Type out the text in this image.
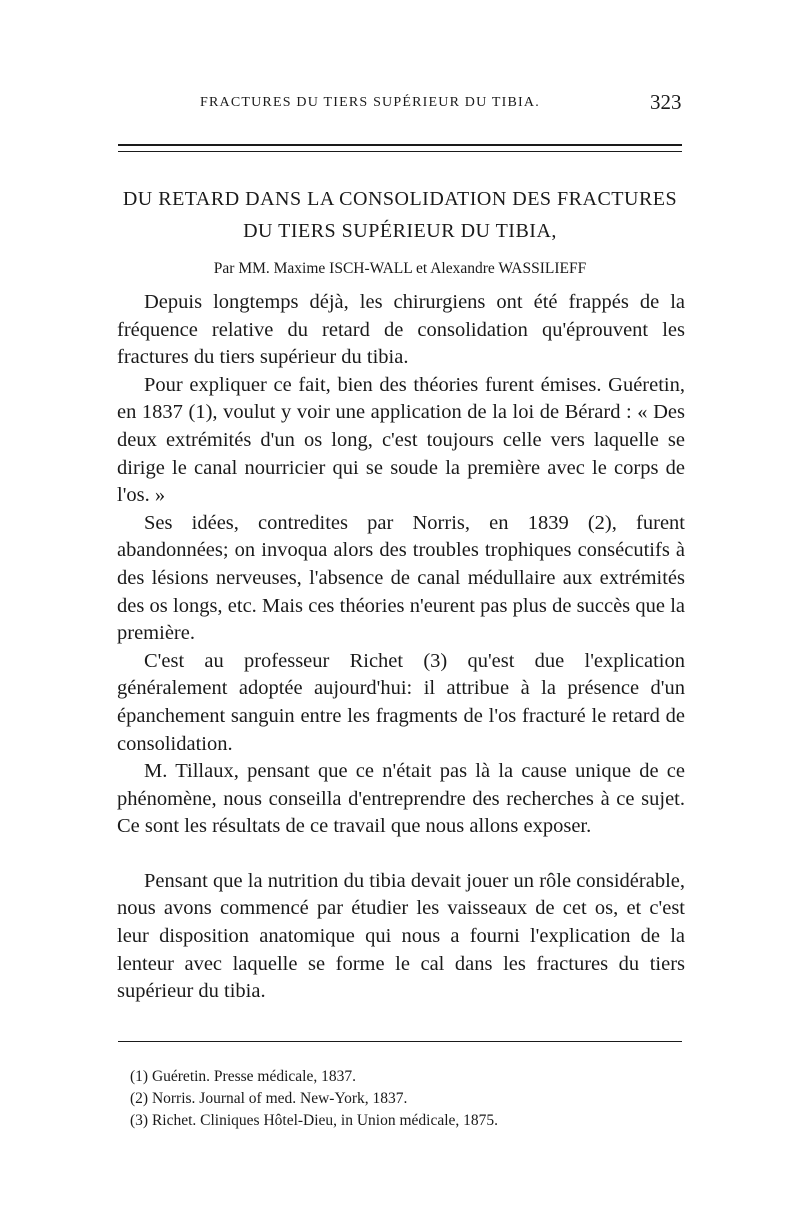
FRACTURES DU TIERS SUPÉRIEUR DU TIBIA.	323
DU RETARD DANS LA CONSOLIDATION DES FRACTURES
DU TIERS SUPÉRIEUR DU TIBIA,
Par MM. Maxime ISCH-WALL et Alexandre WASSILIEFF

Depuis longtemps déjà, les chirurgiens ont été frappés de la fréquence relative du retard de consolidation qu'éprouvent les fractures du tiers supérieur du tibia.

Pour expliquer ce fait, bien des théories furent émises. Guéretin, en 1837 (1), voulut y voir une application de la loi de Bérard : « Des deux extrémités d'un os long, c'est toujours celle vers laquelle se dirige le canal nourricier qui se soude la première avec le corps de l'os. »

Ses idées, contredites par Norris, en 1839 (2), furent abandonnées; on invoqua alors des troubles trophiques consécutifs à des lésions nerveuses, l'absence de canal médullaire aux extrémités des os longs, etc. Mais ces théories n'eurent pas plus de succès que la première.

C'est au professeur Richet (3) qu'est due l'explication généralement adoptée aujourd'hui: il attribue à la présence d'un épanchement sanguin entre les fragments de l'os fracturé le retard de consolidation.

M. Tillaux, pensant que ce n'était pas là la cause unique de ce phénomène, nous conseilla d'entreprendre des recherches à ce sujet. Ce sont les résultats de ce travail que nous allons exposer.

Pensant que la nutrition du tibia devait jouer un rôle considérable, nous avons commencé par étudier les vaisseaux de cet os, et c'est leur disposition anatomique qui nous a fourni l'explication de la lenteur avec laquelle se forme le cal dans les fractures du tiers supérieur du tibia.

(1) Guéretin. Presse médicale, 1837.
(2) Norris. Journal of med. New-York, 1837.
(3) Richet. Cliniques Hôtel-Dieu, in Union médicale, 1875.
